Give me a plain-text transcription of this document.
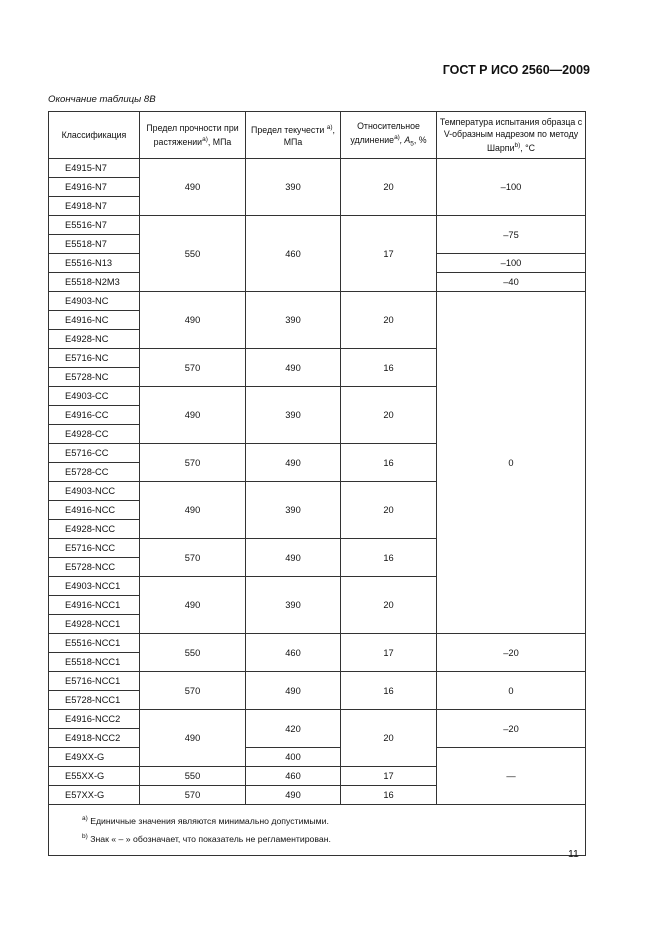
ГОСТ Р ИСО 2560—2009
Окончание таблицы 8В
Классификация	Предел прочности при растяжении$^{a)}$, МПа	Предел текучести $^{a)}$, МПа	Относительное удлинение$^{a)}$, $A_5$, %	Температура испытания образца с V-образным надрезом по методу Шарпи$^{b)}$, °С
E4915-N7	490	390	20	–100
E4916-N7				
E4918-N7				
E5516-N7	550	460	17	–75
E5518-N7				
E5516-N13				–100
E5518-N2M3				–40
E4903-NC	490	390	20	0
E4916-NC				
E4928-NC				
E5716-NC	570	490	16	
E5728-NC				
E4903-CC	490	390	20	
E4916-CC				
E4928-CC				
E5716-CC	570	490	16	
E5728-CC				
E4903-NCC	490	390	20	
E4916-NCC				
E4928-NCC				
E5716-NCC	570	490	16	
E5728-NCC				
E4903-NCC1	490	390	20	
E4916-NCC1				
E4928-NCC1				
E5516-NCC1	550	460	17	–20
E5518-NCC1				
E5716-NCC1	570	490	16	0
E5728-NCC1				
E4916-NCC2	490	420	20	–20
E4918-NCC2				
E49XX-G		400		—
E55XX-G	550	460	17	
E57XX-G	570	490	16	

$^{a)}$ Единичные значения являются минимально допустимыми.
$^{b)}$ Знак « – » обозначает, что показатель не регламентирован.				
11
